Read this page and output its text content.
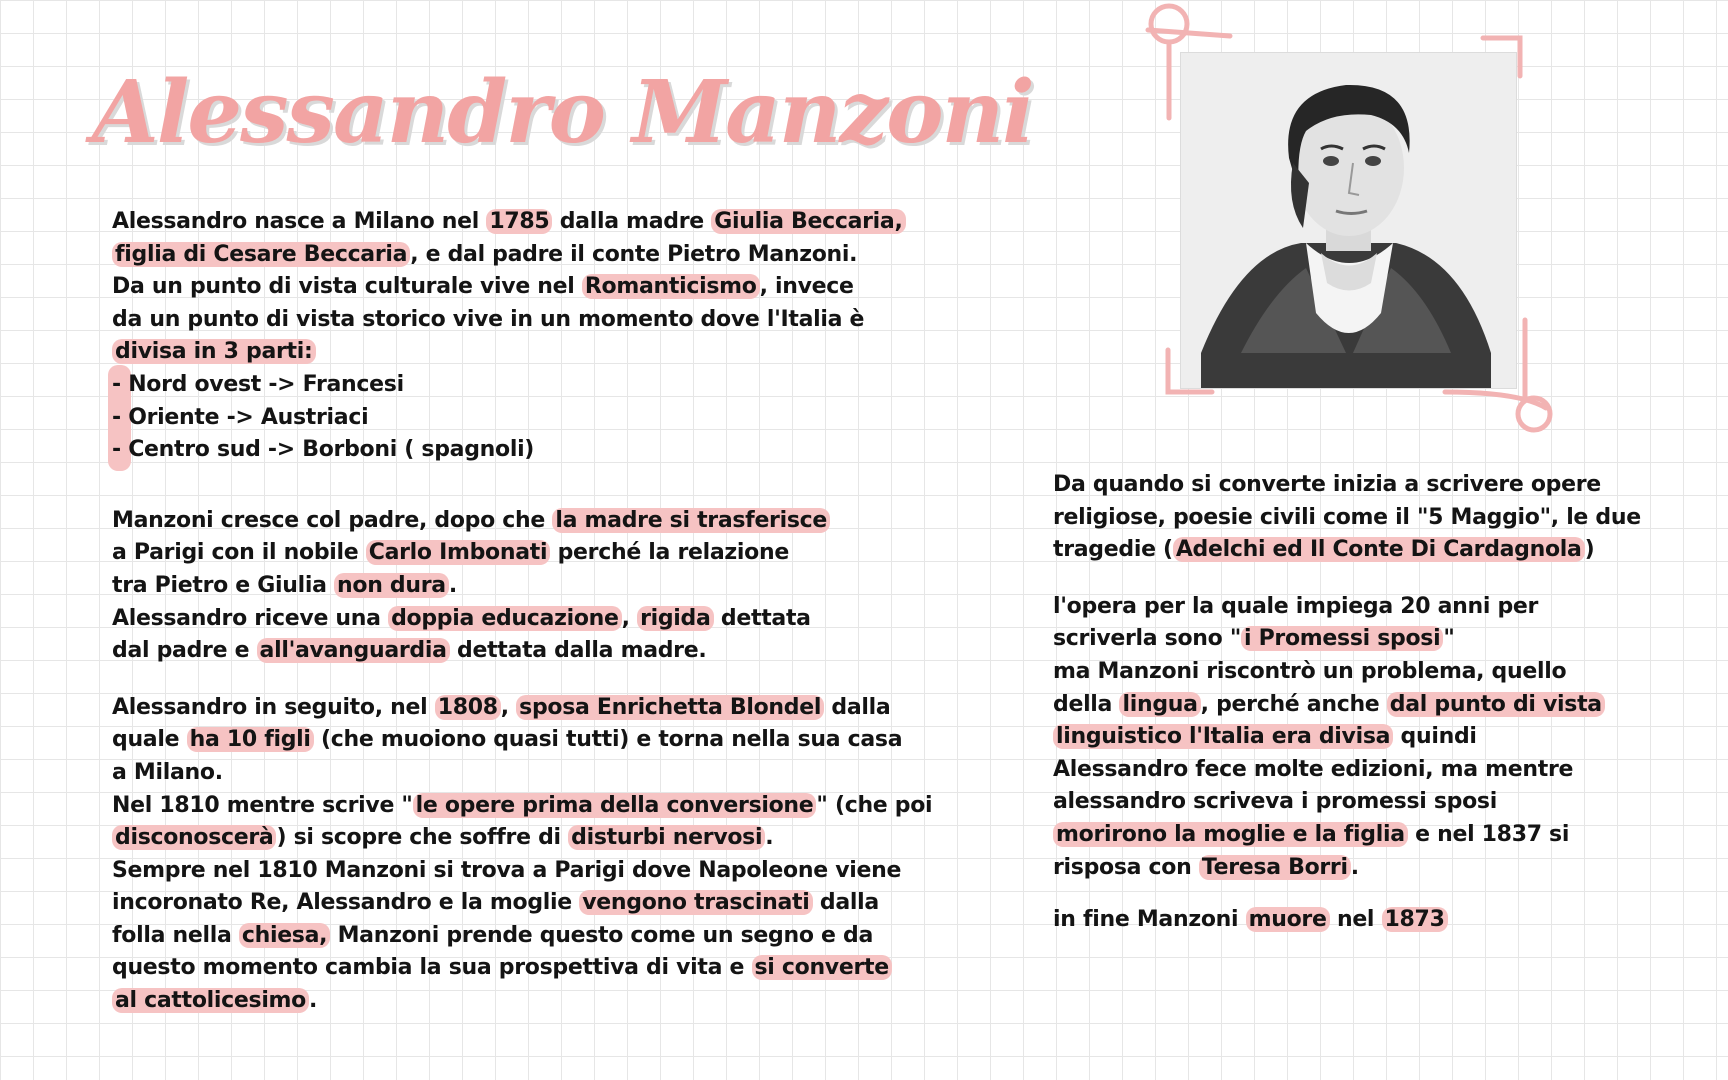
Alessandro Manzoni

Alessandro nasce a Milano nel 1785 dalla madre Giulia Beccaria,

figlia di Cesare Beccaria , e dal padre il conte Pietro Manzoni.

Da un punto di vista culturale vive nel Romanticismo , invece

da un punto di vista storico vive in un momento dove l'Italia è

divisa in 3 parti:

- Nord ovest -> Francesi

- Oriente -> Austriaci

- Centro sud -> Borboni ( spagnoli)

Manzoni cresce col padre, dopo che la madre si trasferisce

a Parigi con il nobile Carlo Imbonati perché la relazione

tra Pietro e Giulia non dura .

Alessandro riceve una doppia educazione , rigida dettata

dal padre e all'avanguardia dettata dalla madre.

Alessandro in seguito, nel 1808 , sposa Enrichetta Blondel dalla

quale ha 10 figli (che muoiono quasi tutti) e torna nella sua casa

a Milano.

Nel 1810 mentre scrive " le opere prima della conversione " (che poi

disconoscerà ) si scopre che soffre di disturbi nervosi .

Sempre nel 1810 Manzoni si trova a Parigi dove Napoleone viene

incoronato Re, Alessandro e la moglie vengono trascinati dalla

folla nella chiesa, Manzoni prende questo come un segno e da

questo momento cambia la sua prospettiva di vita e si converte

al cattolicesimo .

Da quando si converte inizia a scrivere opere

religiose, poesie civili come il "5 Maggio", le due

tragedie ( Adelchi ed Il Conte Di Cardagnola )

l'opera per la quale impiega 20 anni per

scriverla sono " i Promessi sposi "

ma Manzoni riscontrò un problema, quello

della lingua , perché anche dal punto di vista

linguistico l'Italia era divisa quindi

Alessandro fece molte edizioni, ma mentre

alessandro scriveva i promessi sposi

morirono la moglie e la figlia e nel 1837 si

risposa con Teresa Borri .

in fine Manzoni muore nel 1873
